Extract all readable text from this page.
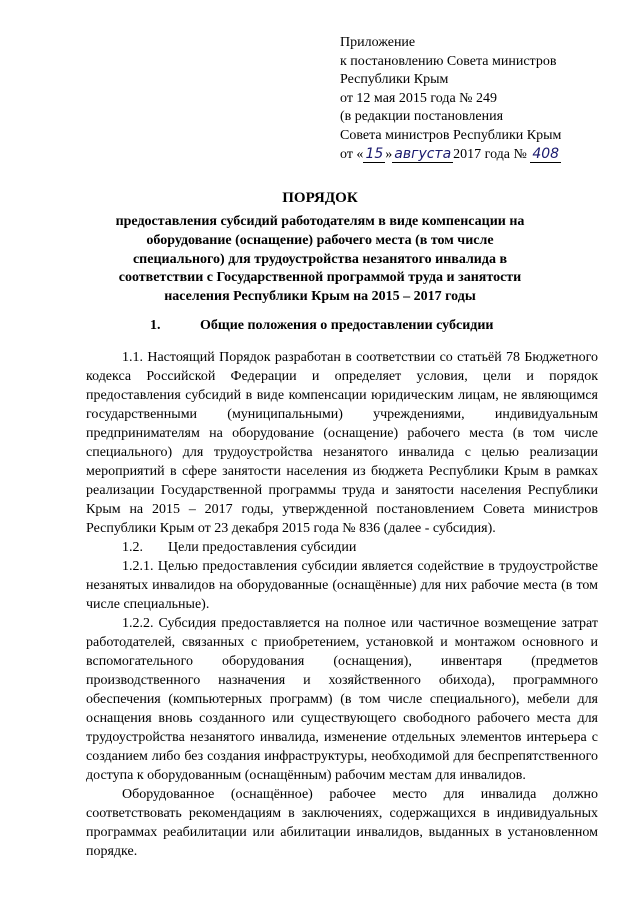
Приложение
к постановлению Совета министров
Республики Крым
от 12 мая 2015 года № 249
(в редакции постановления
Совета министров Республики Крым
от « 15 » августа 2017 года № 408
ПОРЯДОК
предоставления субсидий работодателям в виде компенсации на оборудование (оснащение) рабочего места (в том числе специального) для трудоустройства незанятого инвалида в соответствии с Государственной программой труда и занятости населения Республики Крым на 2015 – 2017 годы
1.	Общие положения о предоставлении субсидии

1.1. Настоящий Порядок разработан в соответствии со статьёй 78 Бюджетного кодекса Российской Федерации и определяет условия, цели и порядок предоставления субсидий в виде компенсации юридическим лицам, не являющимся государственными (муниципальными) учреждениями, индивидуальным предпринимателям на оборудование (оснащение) рабочего места (в том числе специального) для трудоустройства незанятого инвалида с целью реализации мероприятий в сфере занятости населения из бюджета Республики Крым в рамках реализации Государственной программы труда и занятости населения Республики Крым на 2015 – 2017 годы, утвержденной постановлением Совета министров Республики Крым от 23 декабря 2015 года № 836 (далее - субсидия).

1.2. Цели предоставления субсидии

1.2.1. Целью предоставления субсидии является содействие в трудоустройстве незанятых инвалидов на оборудованные (оснащённые) для них рабочие места (в том числе специальные).

1.2.2. Субсидия предоставляется на полное или частичное возмещение затрат работодателей, связанных с приобретением, установкой и монтажом основного и вспомогательного оборудования (оснащения), инвентаря (предметов производственного назначения и хозяйственного обихода), программного обеспечения (компьютерных программ) (в том числе специального), мебели для оснащения вновь созданного или существующего свободного рабочего места для трудоустройства незанятого инвалида, изменение отдельных элементов интерьера с созданием либо без создания инфраструктуры, необходимой для беспрепятственного доступа к оборудованным (оснащённым) рабочим местам для инвалидов.

Оборудованное (оснащённое) рабочее место для инвалида должно соответствовать рекомендациям в заключениях, содержащихся в индивидуальных программах реабилитации или абилитации инвалидов, выданных в установленном порядке.
